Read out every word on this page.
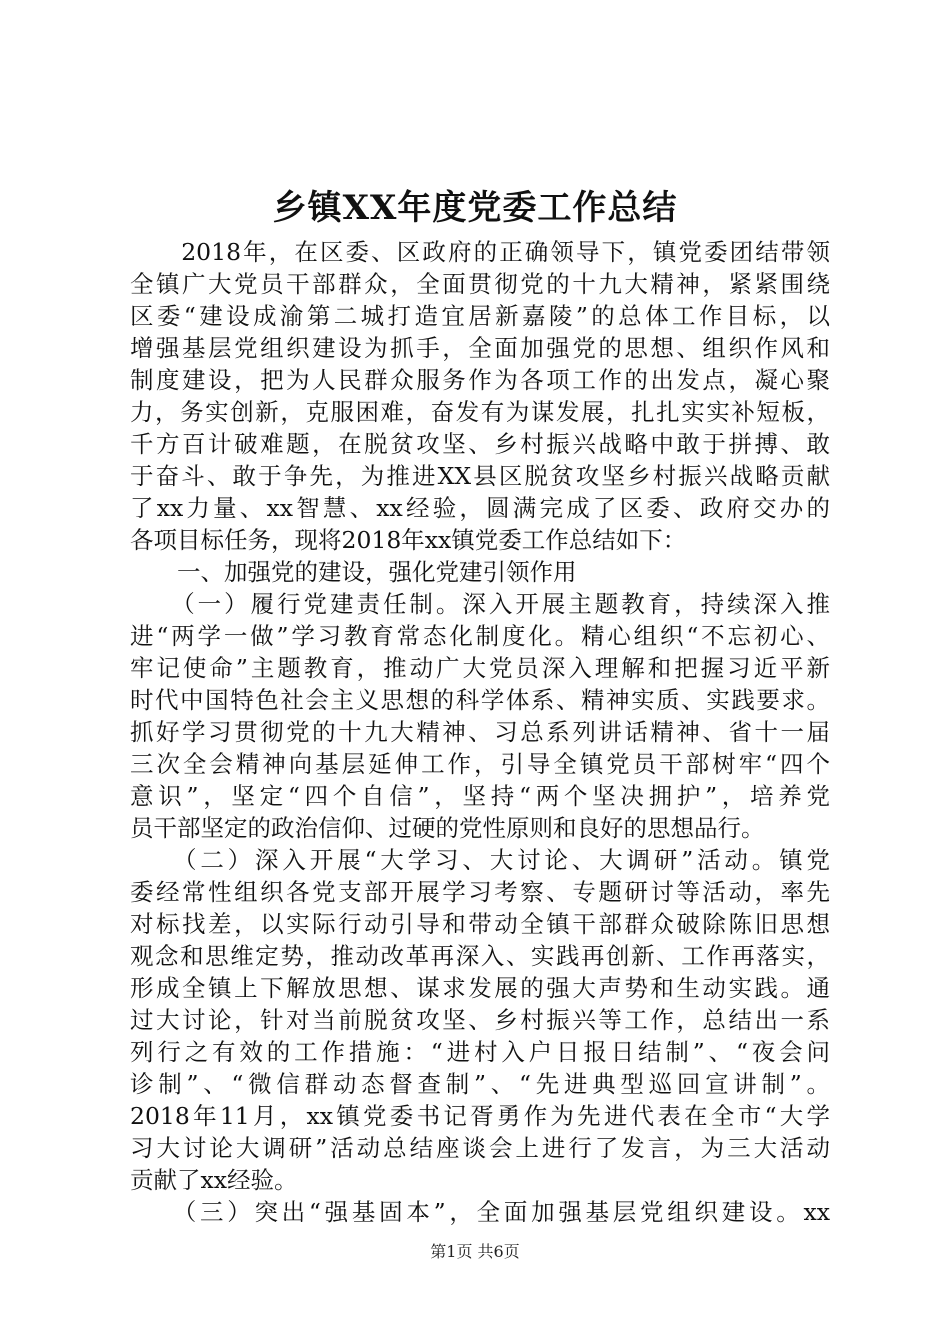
乡镇XX年度党委工作总结
　　2018年，在区委、区政府的正确领导下，镇党委团结带领
全镇广大党员干部群众，全面贯彻党的十九大精神，紧紧围绕
区委“建设成渝第二城打造宜居新嘉陵”的总体工作目标，以
增强基层党组织建设为抓手，全面加强党的思想、组织作风和
制度建设，把为人民群众服务作为各项工作的出发点，凝心聚
力，务实创新，克服困难，奋发有为谋发展，扎扎实实补短板，
千方百计破难题，在脱贫攻坚、乡村振兴战略中敢于拼搏、敢
于奋斗、敢于争先，为推进XX县区脱贫攻坚乡村振兴战略贡献
了xx力量、xx智慧、xx经验，圆满完成了区委、政府交办的
各项目标任务，现将2018年xx镇党委工作总结如下：
　　一、加强党的建设，强化党建引领作用
　　（一）履行党建责任制。深入开展主题教育，持续深入推
进“两学一做”学习教育常态化制度化。精心组织“不忘初心、
牢记使命”主题教育，推动广大党员深入理解和把握习近平新
时代中国特色社会主义思想的科学体系、精神实质、实践要求。
抓好学习贯彻党的十九大精神、习总系列讲话精神、省十一届
三次全会精神向基层延伸工作，引导全镇党员干部树牢“四个
意识”，坚定“四个自信”，坚持“两个坚决拥护”，培养党
员干部坚定的政治信仰、过硬的党性原则和良好的思想品行。
　　（二）深入开展“大学习、大讨论、大调研”活动。镇党
委经常性组织各党支部开展学习考察、专题研讨等活动，率先
对标找差，以实际行动引导和带动全镇干部群众破除陈旧思想
观念和思维定势，推动改革再深入、实践再创新、工作再落实，
形成全镇上下解放思想、谋求发展的强大声势和生动实践。通
过大讨论，针对当前脱贫攻坚、乡村振兴等工作，总结出一系
列行之有效的工作措施：“进村入户日报日结制”、“夜会问
诊制”、“微信群动态督查制”、“先进典型巡回宣讲制”。
2018年11月，xx镇党委书记胥勇作为先进代表在全市“大学
习大讨论大调研”活动总结座谈会上进行了发言，为三大活动
贡献了xx经验。
　　（三）突出“强基固本”，全面加强基层党组织建设。xx
第1页 共6页
